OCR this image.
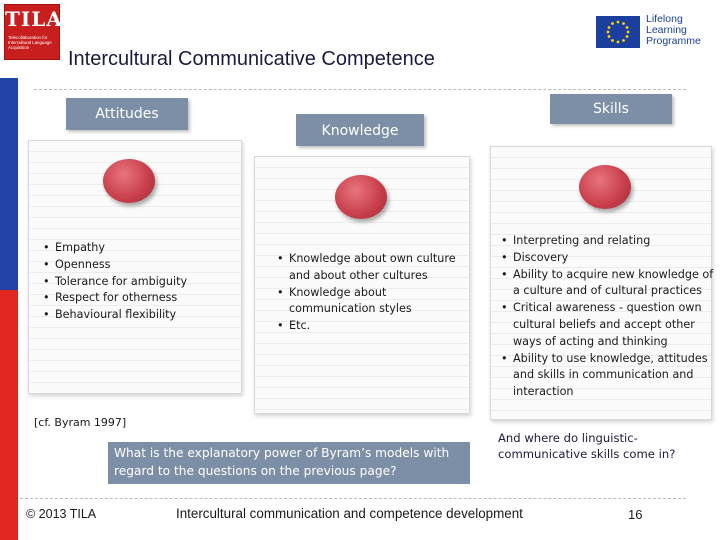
TILA
Telecollaboration for Intercultural Language Acquisition
Intercultural Communicative Competence
Lifelong
Learning
Programme
Attitudes
Knowledge
Skills
• Empathy
• Openness
• Tolerance for ambiguity
• Respect for otherness
• Behavioural flexibility
• Knowledge about own culture and about other cultures
• Knowledge about communication styles
• Etc.
• Interpreting and relating
• Discovery
• Ability to acquire new knowledge of a culture and of cultural practices
• Critical awareness - question own cultural beliefs and accept other ways of acting and thinking
• Ability to use knowledge, attitudes and skills in communication and interaction
[cf. Byram 1997]
What is the explanatory power of Byram’s models with regard to the questions on the previous page?
And where do linguistic-communicative skills come in?
© 2013 TILA	Intercultural communication and competence development	16
